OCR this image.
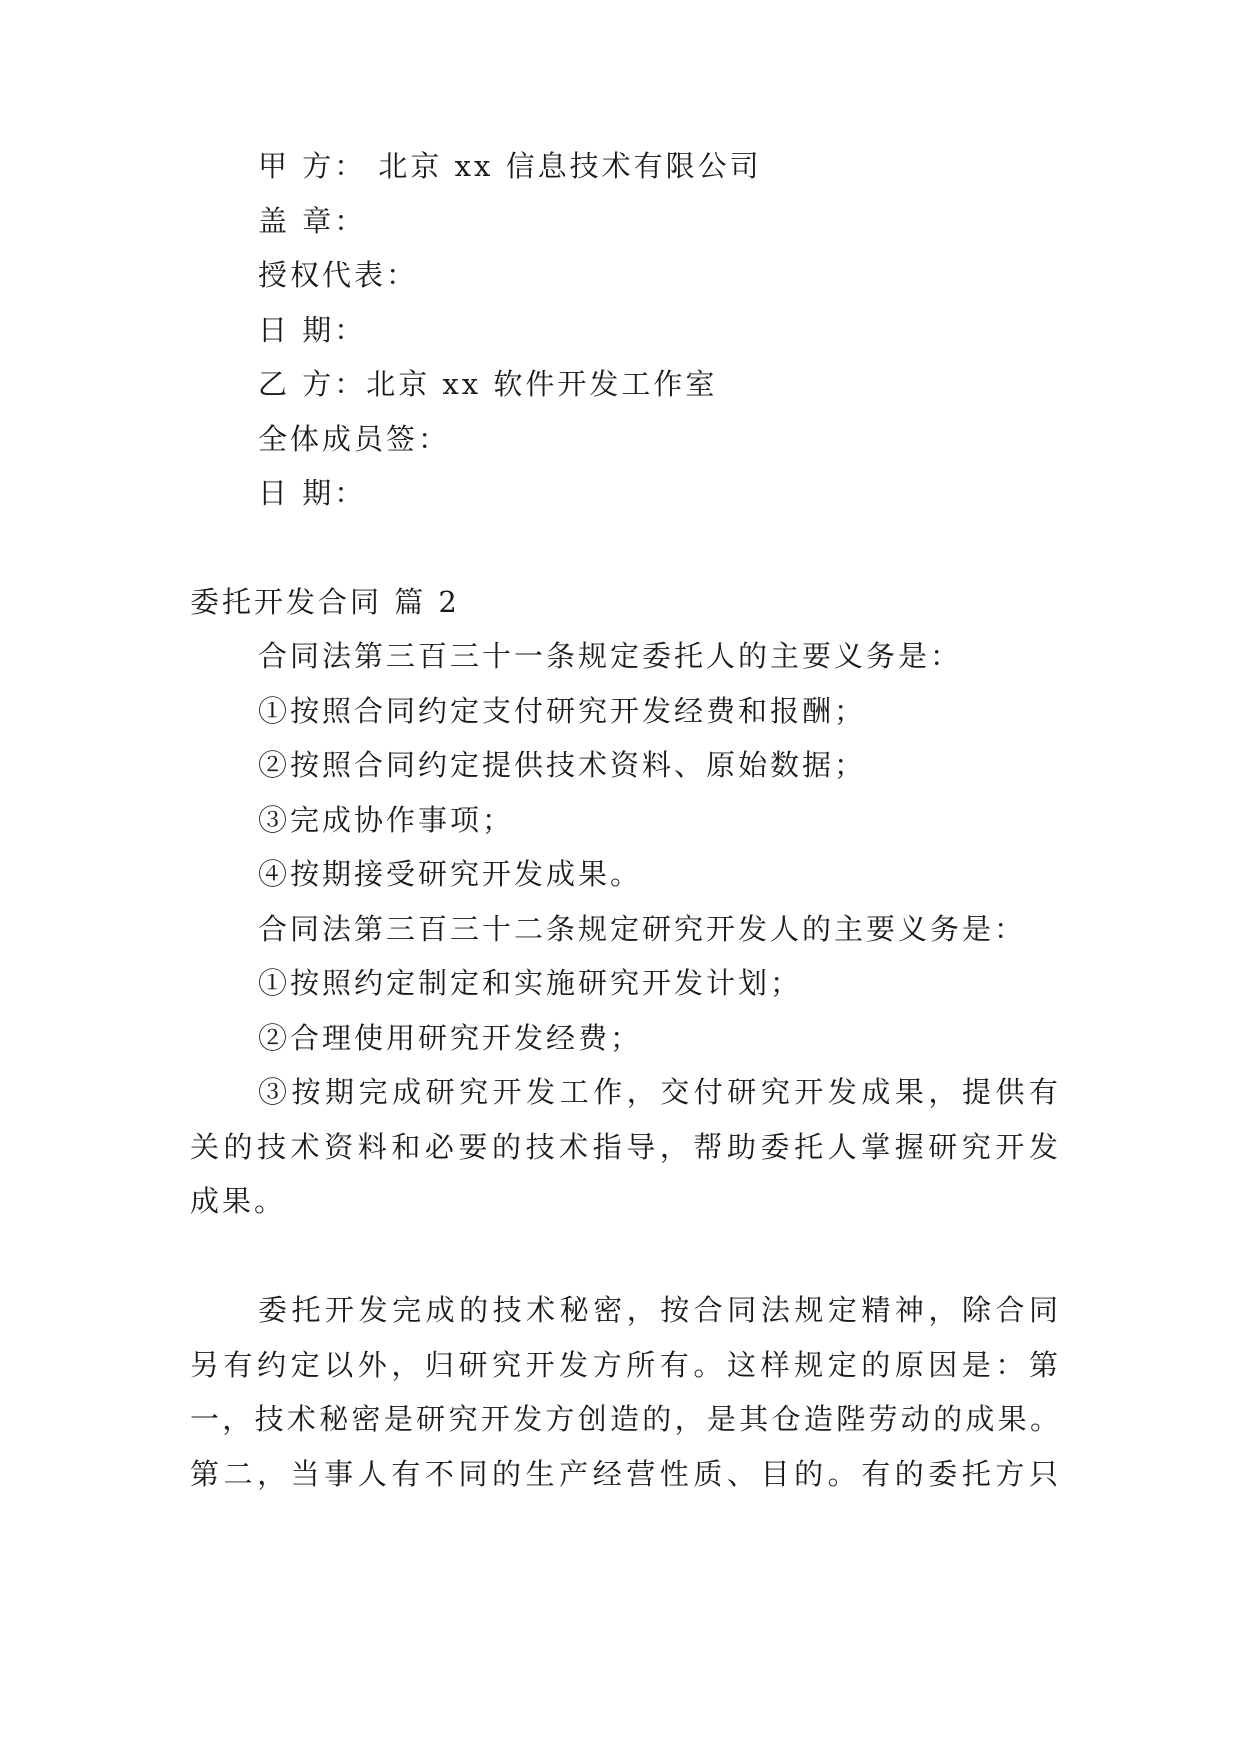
甲 方： 北京 xx 信息技术有限公司
盖 章：
授权代表：
日 期：
乙 方：北京 xx 软件开发工作室
全体成员签：
日 期：
委托开发合同 篇 2
合同法第三百三十一条规定委托人的主要义务是：
①按照合同约定支付研究开发经费和报酬；
②按照合同约定提供技术资料、原始数据；
③完成协作事项；
④按期接受研究开发成果。
合同法第三百三十二条规定研究开发人的主要义务是：
①按照约定制定和实施研究开发计划；
②合理使用研究开发经费；
③按期完成研究开发工作，交付研究开发成果，提供有
关的技术资料和必要的技术指导，帮助委托人掌握研究开发
成果。
委托开发完成的技术秘密，按合同法规定精神，除合同
另有约定以外，归研究开发方所有。这样规定的原因是：第
一，技术秘密是研究开发方创造的，是其仓造陛劳动的成果。
第二，当事人有不同的生产经营性质、目的。有的委托方只
